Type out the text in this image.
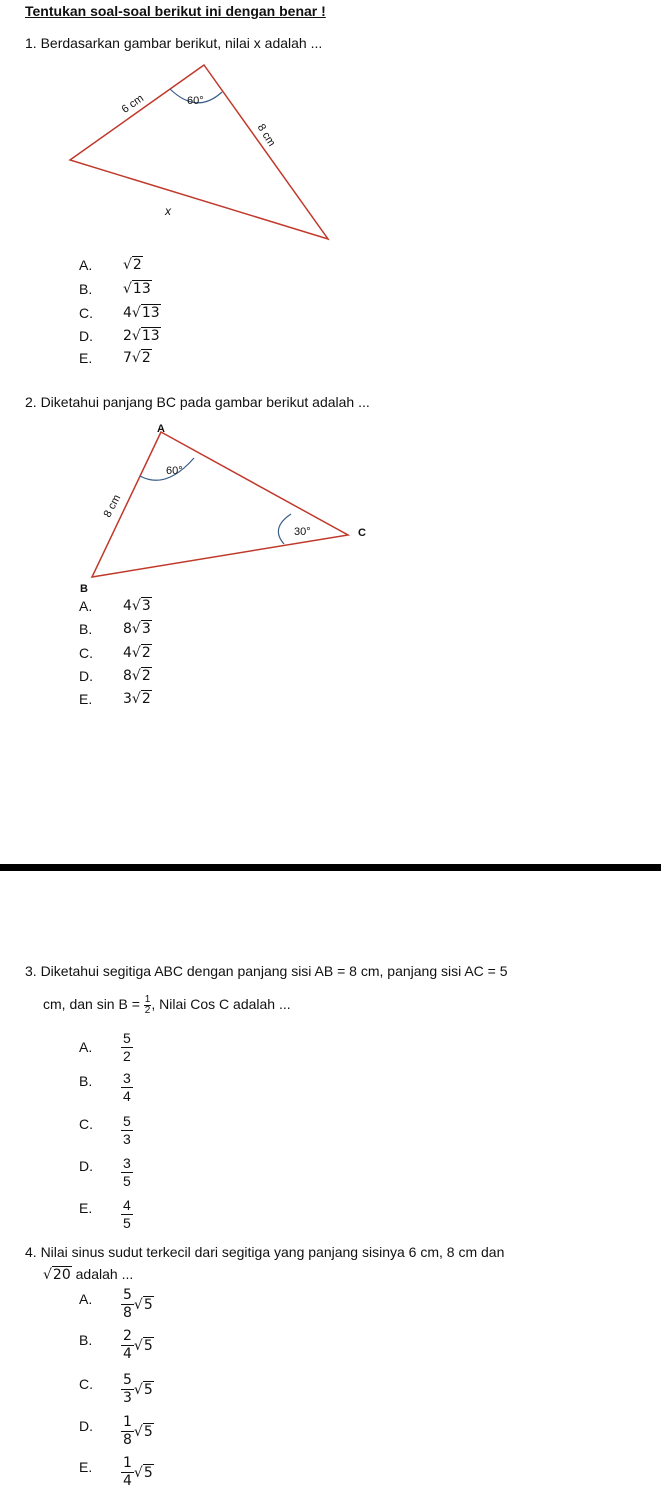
Tentukan soal-soal berikut ini dengan benar !
1. Berdasarkan gambar berikut, nilai x adalah ...
6 cm	60°
8 cm
x
A. √2
B. √13
C. 4√13
D. 2√13
E. 7√2
2. Diketahui panjang BC pada gambar berikut adalah ...
A
B
C
8 cm
60°
30°
A. 4√3
B. 8√3
C. 4√2
D. 8√2
E. 3√2
3. Diketahui segitiga ABC dengan panjang sisi AB = 8 cm, panjang sisi AC = 5
cm, dan $\sin B = \frac{1}{2}$ , Nilai Cos C adalah ...
A. $\frac{5}{2}$
B. $\frac{3}{4}$
C. $\frac{5}{3}$
D. $\frac{3}{5}$
E. $\frac{4}{5}$
4. Nilai sinus sudut terkecil dari segitiga yang panjang sisinya 6 cm, 8 cm dan
√20 adalah ...
A. $\frac{5}{8} √5$
B. $\frac{2}{4} √5$
C. $\frac{5}{3} √5$
D. $\frac{1}{8} √5$
E. $\frac{1}{4} √5$
